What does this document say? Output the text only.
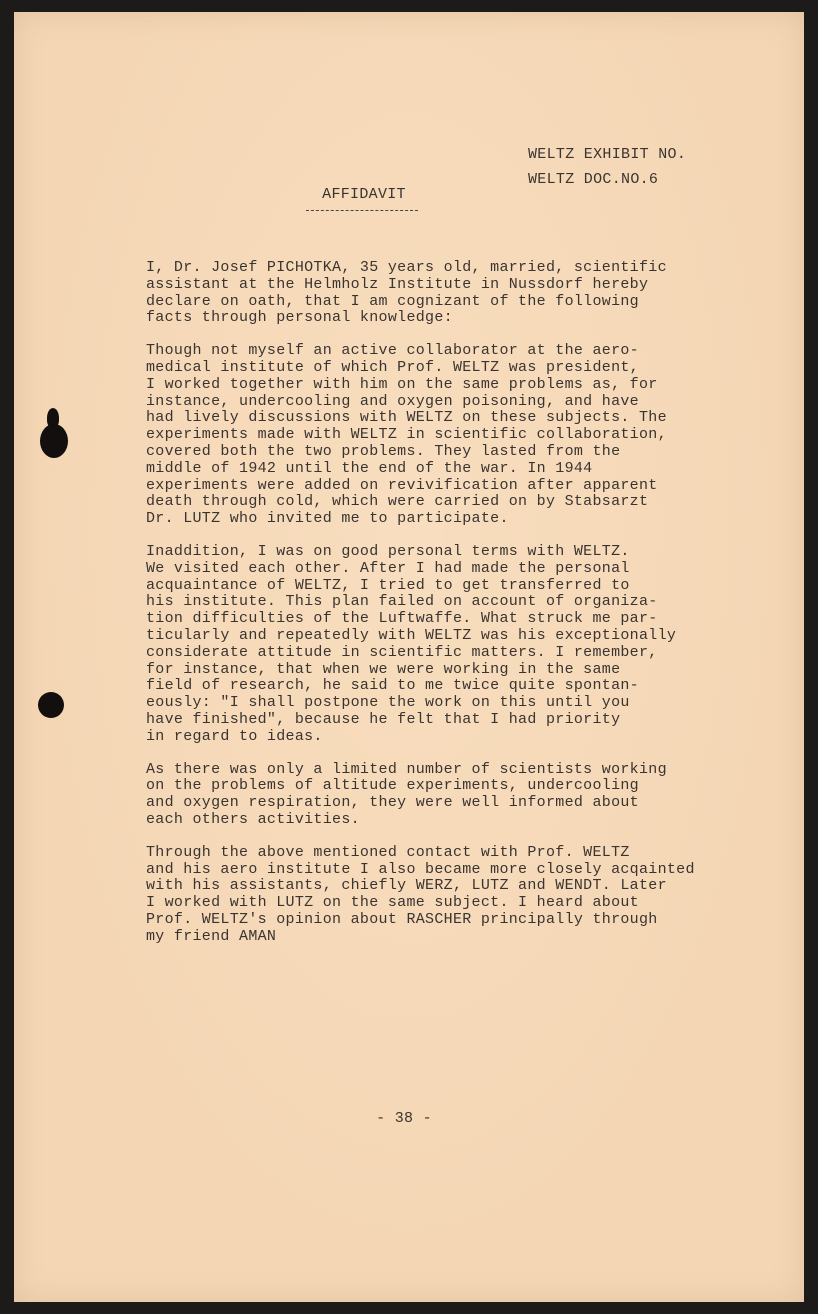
WELTZ EXHIBIT NO.
WELTZ DOC.NO.6
AFFIDAVIT
I, Dr. Josef PICHOTKA, 35 years old, married, scientific
assistant at the Helmholz Institute in Nussdorf hereby
declare on oath, that I am cognizant of the following
facts through personal knowledge:
Though not myself an active collaborator at the aero-
medical institute of which Prof. WELTZ was president,
I worked together with him on the same problems as, for
instance, undercooling and oxygen poisoning, and have
had lively discussions with WELTZ on these subjects. The
experiments made with WELTZ in scientific collaboration,
covered both the two problems. They lasted from the
middle of 1942 until the end of the war. In 1944
experiments were added on revivification after apparent
death through cold, which were carried on by Stabsarzt
Dr. LUTZ who invited me to participate.
Inaddition, I was on good personal terms with WELTZ.
We visited each other. After I had made the personal
acquaintance of WELTZ, I tried to get transferred to
his institute. This plan failed on account of organiza-
tion difficulties of the Luftwaffe. What struck me par-
ticularly and repeatedly with WELTZ was his exceptionally
considerate attitude in scientific matters. I remember,
for instance, that when we were working in the same
field of research, he said to me twice quite spontan-
eously: "I shall postpone the work on this until you
have finished", because he felt that I had priority
in regard to ideas.
As there was only a limited number of scientists working
on the problems of altitude experiments, undercooling
and oxygen respiration, they were well informed about
each others activities.
Through the above mentioned contact with Prof. WELTZ
and his aero institute I also became more closely acqainted
with his assistants, chiefly WERZ, LUTZ and WENDT. Later
I worked with LUTZ on the same subject. I heard about
Prof. WELTZ's opinion about RASCHER principally through
my friend AMAN
- 38 -
